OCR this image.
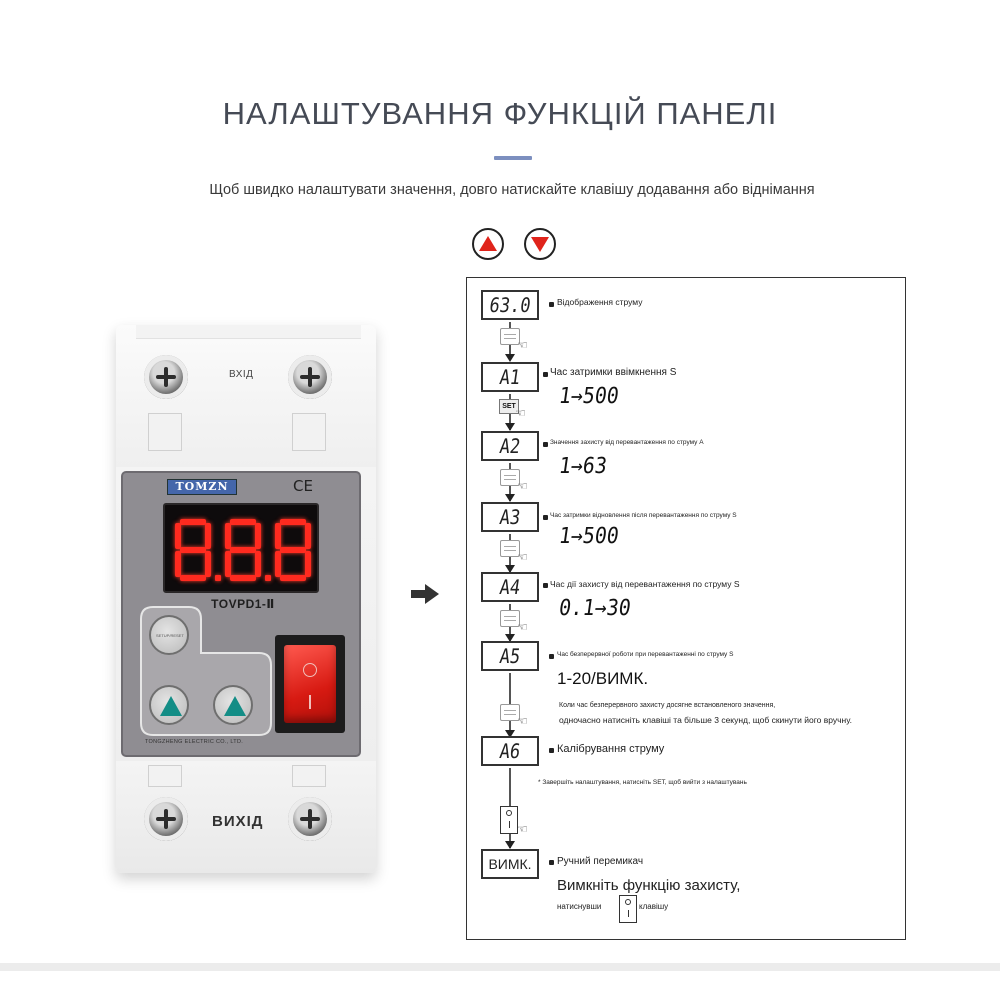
НАЛАШТУВАННЯ ФУНКЦІЙ ПАНЕЛІ
Щоб швидко налаштувати значення, довго натискайте клавішу додавання або віднімання
ВХІД
TOMZN	CE
TOVPD1-Ⅱ
SETUP/RESET
TONGZHENG ELECTRIC CO., LTD.
ВИХІД
63.0	Відображення струму
☜
A1	Час затримки ввімкнення S
1→500
SET ☜
A2	Значення захисту від перевантаження по струму A
1→63
☜
A3	Час затримки відновлення після перевантаження по струму S
1→500
☜
A4	Час дії захисту від перевантаження по струму S
0.1→30
☜
A5	Час безперервної роботи при перевантаженні по струму S
1-20/ВИМК.
☜
Коли час безперервного захисту досягне встановленого значення,
одночасно натисніть клавіші та більше 3 секунд, щоб скинути його вручну.
A6	Калібрування струму
* Завершіть налаштування, натисніть SET, щоб вийти з налаштувань
☜
ВИМК.	Ручний перемикач
Вимкніть функцію захисту,
натиснувши	клавішу
